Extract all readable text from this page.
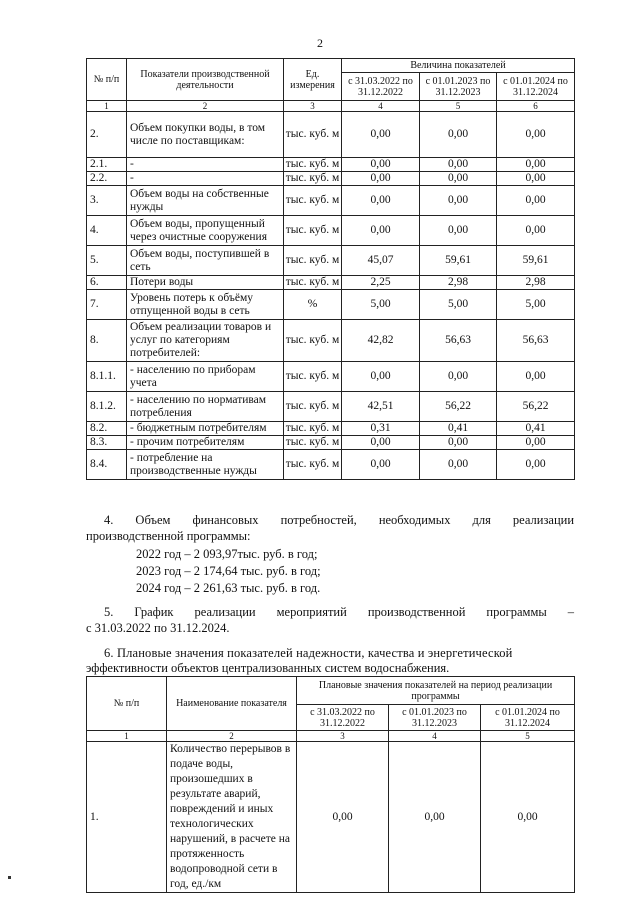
2
№ п/п	Показатели производственной деятельности	Ед. измерения	Величина показателей		
			с 31.03.2022 по 31.12.2022	с 01.01.2023 по 31.12.2023	с 01.01.2024 по 31.12.2024
1	2	3	4	5	6
2.	Объем покупки воды, в том числе по поставщикам:	тыс. куб. м	0,00	0,00	0,00
2.1.	-	тыс. куб. м	0,00	0,00	0,00
2.2.	-	тыс. куб. м	0,00	0,00	0,00
3.	Объем воды на собственные нужды	тыс. куб. м	0,00	0,00	0,00
4.	Объем воды, пропущенный через очистные сооружения	тыс. куб. м	0,00	0,00	0,00
5.	Объем воды, поступившей в сеть	тыс. куб. м	45,07	59,61	59,61
6.	Потери воды	тыс. куб. м	2,25	2,98	2,98
7.	Уровень потерь к объёму отпущенной воды в сеть	%	5,00	5,00	5,00
8.	Объем реализации товаров и услуг по категориям потребителей:	тыс. куб. м	42,82	56,63	56,63
8.1.1.	- населению по приборам учета	тыс. куб. м	0,00	0,00	0,00
8.1.2.	- населению по нормативам потребления	тыс. куб. м	42,51	56,22	56,22
8.2.	- бюджетным потребителям	тыс. куб. м	0,31	0,41	0,41
8.3.	- прочим потребителям	тыс. куб. м	0,00	0,00	0,00
8.4.	- потребление на производственные нужды	тыс. куб. м	0,00	0,00	0,00
4. Объем финансовых потребностей, необходимых для реализации
производственной программы:
2022 год – 2 093,97тыс. руб. в год;
2023 год – 2 174,64 тыс. руб. в год;
2024 год – 2 261,63 тыс. руб. в год.
5. График реализации мероприятий производственной программы –
с 31.03.2022 по 31.12.2024.
6. Плановые значения показателей надежности, качества и энергетической
эффективности объектов централизованных систем водоснабжения.
№ п/п	Наименование показателя	Плановые значения показателей на период реализации программы		
		с 31.03.2022 по 31.12.2022	с 01.01.2023 по 31.12.2023	с 01.01.2024 по 31.12.2024
1	2	3	4	5
1.	Количество перерывов в подаче воды, произошедших в результате аварий, повреждений и иных технологических нарушений, в расчете на протяженность водопроводной сети в год, ед./км	0,00	0,00	0,00
